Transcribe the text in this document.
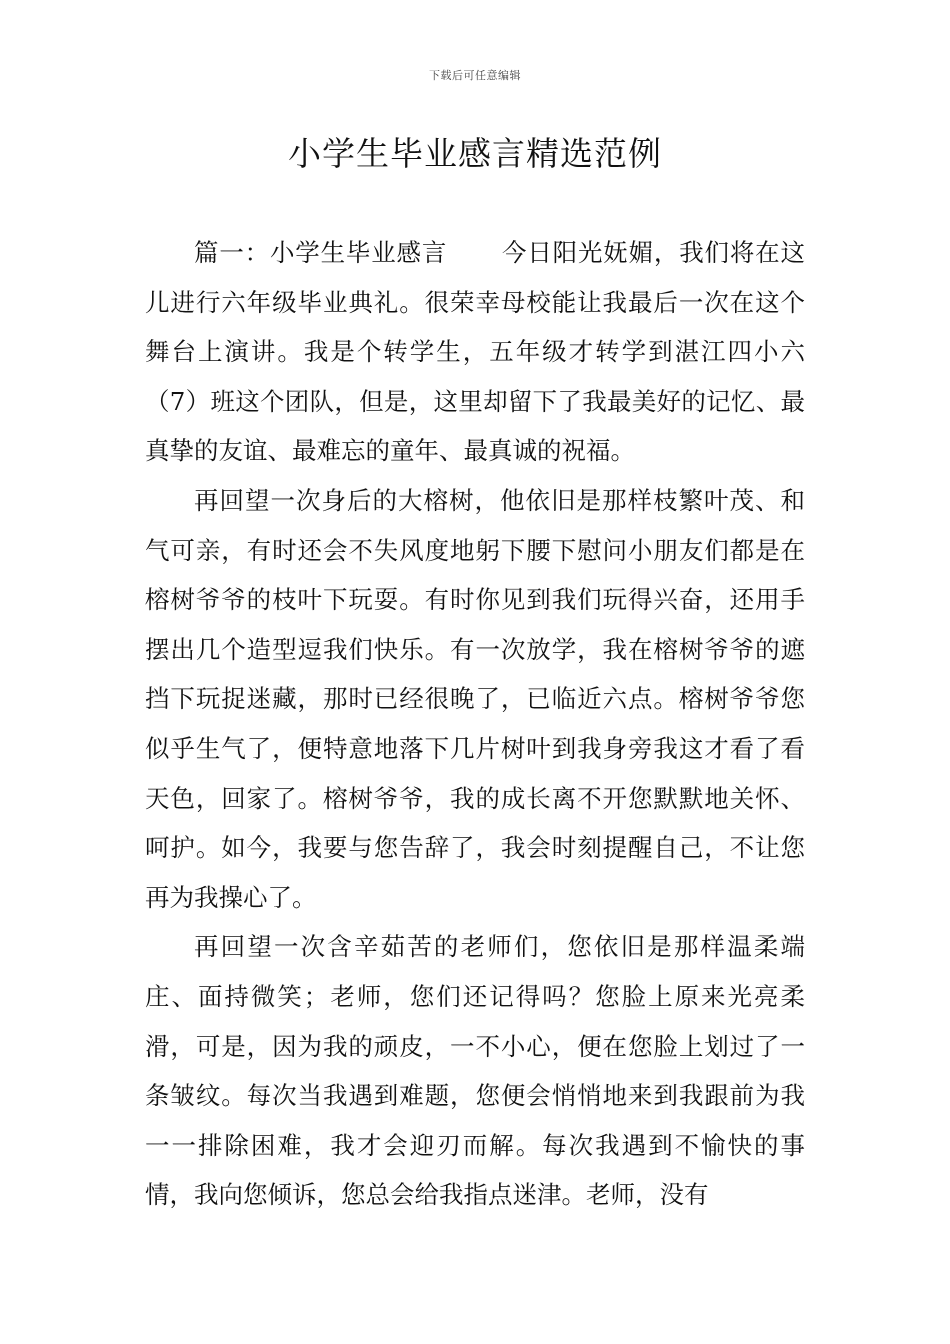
下载后可任意编辑
小学生毕业感言精选范例

篇一：小学生毕业感言 今日阳光妩媚，我们将在这儿进行六年级毕业典礼。很荣幸母校能让我最后一次在这个舞台上演讲。我是个转学生，五年级才转学到湛江四小六（7）班这个团队，但是，这里却留下了我最美好的记忆、最真挚的友谊、最难忘的童年、最真诚的祝福。

再回望一次身后的大榕树，他依旧是那样枝繁叶茂、和气可亲，有时还会不失风度地躬下腰下慰问小朋友们都是在榕树爷爷的枝叶下玩耍。有时你见到我们玩得兴奋，还用手摆出几个造型逗我们快乐。有一次放学，我在榕树爷爷的遮挡下玩捉迷藏，那时已经很晚了，已临近六点。榕树爷爷您似乎生气了，便特意地落下几片树叶到我身旁我这才看了看天色，回家了。榕树爷爷，我的成长离不开您默默地关怀、呵护。如今，我要与您告辞了，我会时刻提醒自己，不让您再为我操心了。

再回望一次含辛茹苦的老师们，您依旧是那样温柔端庄、面持微笑；老师，您们还记得吗？您脸上原来光亮柔滑，可是，因为我的顽皮，一不小心，便在您脸上划过了一条皱纹。每次当我遇到难题，您便会悄悄地来到我跟前为我一一排除困难，我才会迎刃而解。每次我遇到不愉快的事情，我向您倾诉，您总会给我指点迷津。老师，没有
